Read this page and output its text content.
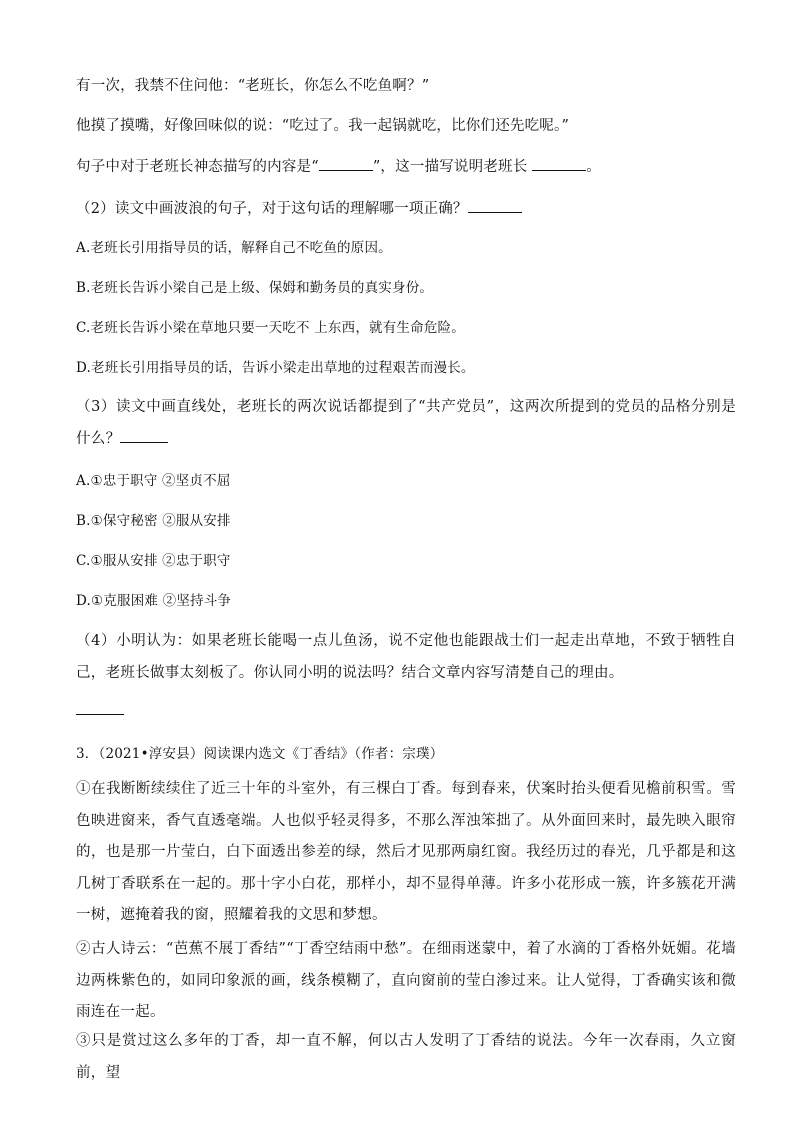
有一次，我禁不住问他：“老班长，你怎么不吃鱼啊？”
他摸了摸嘴，好像回味似的说：“吃过了。我一起锅就吃，比你们还先吃呢。”
句子中对于老班长神态描写的内容是“	”，这一描写说明老班长	。
（2）读文中画波浪的句子，对于这句话的理解哪一项正确？
A.老班长引用指导员的话，解释自己不吃鱼的原因。
B.老班长告诉小梁自己是上级、保姆和勤务员的真实身份。
C.老班长告诉小梁在草地只要一天吃不 上东西，就有生命危险。
D.老班长引用指导员的话，告诉小梁走出草地的过程艰苦而漫长。
（3）读文中画直线处，老班长的两次说话都提到了“共产党员”，这两次所提到的党员的品格分别是什么？
A.①忠于职守 ②坚贞不屈
B.①保守秘密 ②服从安排
C.①服从安排 ②忠于职守
D.①克服困难 ②坚持斗争
（4）小明认为：如果老班长能喝一点儿鱼汤，说不定他也能跟战士们一起走出草地，不致于牺牲自己，老班长做事太刻板了。你认同小明的说法吗？结合文章内容写清楚自己的理由。
3．（2021•淳安县）阅读课内选文《丁香结》（作者：宗璞）
①在我断断续续住了近三十年的斗室外，有三棵白丁香。每到春来，伏案时抬头便看见檐前积雪。雪色映进窗来，香气直透毫端。人也似乎轻灵得多，不那么浑浊笨拙了。从外面回来时，最先映入眼帘的，也是那一片莹白，白下面透出参差的绿，然后才见那两扇红窗。我经历过的春光，几乎都是和这几树丁香联系在一起的。那十字小白花，那样小，却不显得单薄。许多小花形成一簇，许多簇花开满一树，遮掩着我的窗，照耀着我的文思和梦想。
②古人诗云：“芭蕉不展丁香结”“丁香空结雨中愁”。在细雨迷蒙中，着了水滴的丁香格外妩媚。花墙边两株紫色的，如同印象派的画，线条模糊了，直向窗前的莹白渗过来。让人觉得，丁香确实该和微雨连在一起。
③只是赏过这么多年的丁香，却一直不解，何以古人发明了丁香结的说法。今年一次春雨，久立窗前，望
